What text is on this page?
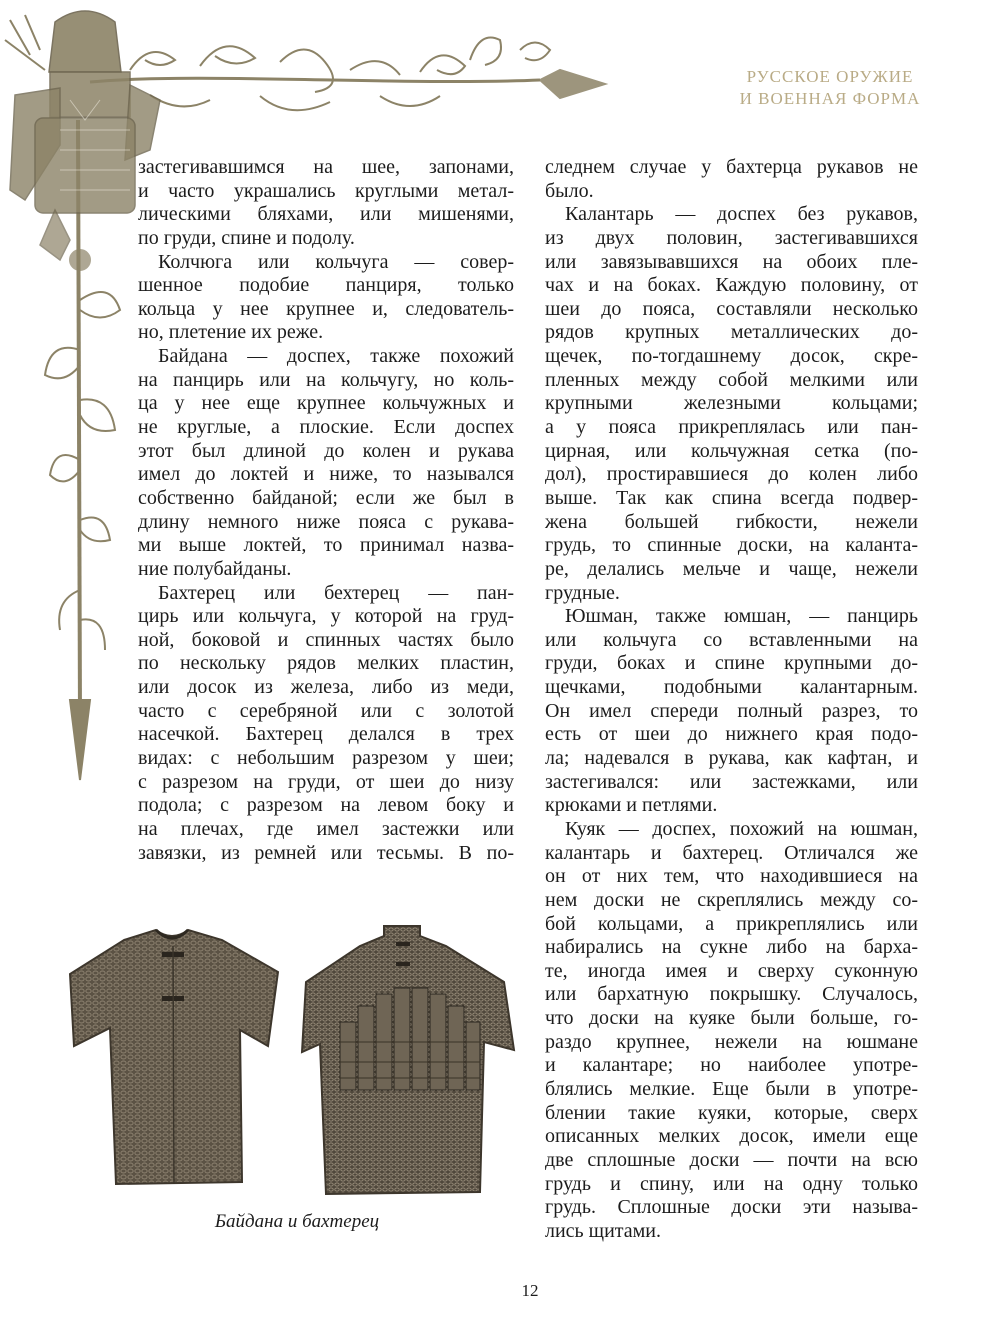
РУССКОЕ ОРУЖИЕ
И ВОЕННАЯ ФОРМА
застегивавшимся на шее, запонами,
и часто украшались круглыми метал-
лическими бляхами, или мишенями,
по груди, спине и подолу.
Колчюга или кольчуга — совер-
шенное подобие панциря, только
кольца у нее крупнее и, следователь-
но, плетение их реже.
Байдана — доспех, также похожий
на панцирь или на кольчугу, но коль-
ца у нее еще крупнее кольчужных и
не круглые, а плоские. Если доспех
этот был длиной до колен и рукава
имел до локтей и ниже, то назывался
собственно байданой; если же был в
длину немного ниже пояса с рукава-
ми выше локтей, то принимал назва-
ние полубайданы.
Бахтерец или бехтерец — пан-
цирь или кольчуга, у которой на груд-
ной, боковой и спинных частях было
по нескольку рядов мелких пластин,
или досок из железа, либо из меди,
часто с серебряной или с золотой
насечкой. Бахтерец делался в трех
видах: с небольшим разрезом у шеи;
с разрезом на груди, от шеи до низу
подола; с разрезом на левом боку и
на плечах, где имел застежки или
завязки, из ремней или тесьмы. В по-
следнем случае у бахтерца рукавов не
было.
Калантарь — доспех без рукавов,
из двух половин, застегивавшихся
или завязывавшихся на обоих пле-
чах и на боках. Каждую половину, от
шеи до пояса, составляли несколько
рядов крупных металлических до-
щечек, по-тогдашнему досок, скре-
пленных между собой мелкими или
крупными железными кольцами;
а у пояса прикреплялась или пан-
цирная, или кольчужная сетка (по-
дол), простиравшиеся до колен либо
выше. Так как спина всегда подвер-
жена большей гибкости, нежели
грудь, то спинные доски, на каланта-
ре, делались мельче и чаще, нежели
грудные.
Юшман, также юмшан, — панцирь
или кольчуга со вставленными на
груди, боках и спине крупными до-
щечками, подобными калантарным.
Он имел спереди полный разрез, то
есть от шеи до нижнего края подо-
ла; надевался в рукава, как кафтан, и
застегивался: или застежками, или
крюками и петлями.
Куяк — доспех, похожий на юшман,
калантарь и бахтерец. Отличался же
он от них тем, что находившиеся на
нем доски не скреплялись между со-
бой кольцами, а прикреплялись или
набирались на сукне либо на барха-
те, иногда имея и сверху суконную
или бархатную покрышку. Случалось,
что доски на куяке были больше, го-
раздо крупнее, нежели на юшмане
и калантаре; но наиболее употре-
блялись мелкие. Еще были в употре-
блении такие куяки, которые, сверх
описанных мелких досок, имели еще
две сплошные доски — почти на всю
грудь и спину, или на одну только
грудь. Сплошные доски эти называ-
лись щитами.
Байдана и бахтерец
12
